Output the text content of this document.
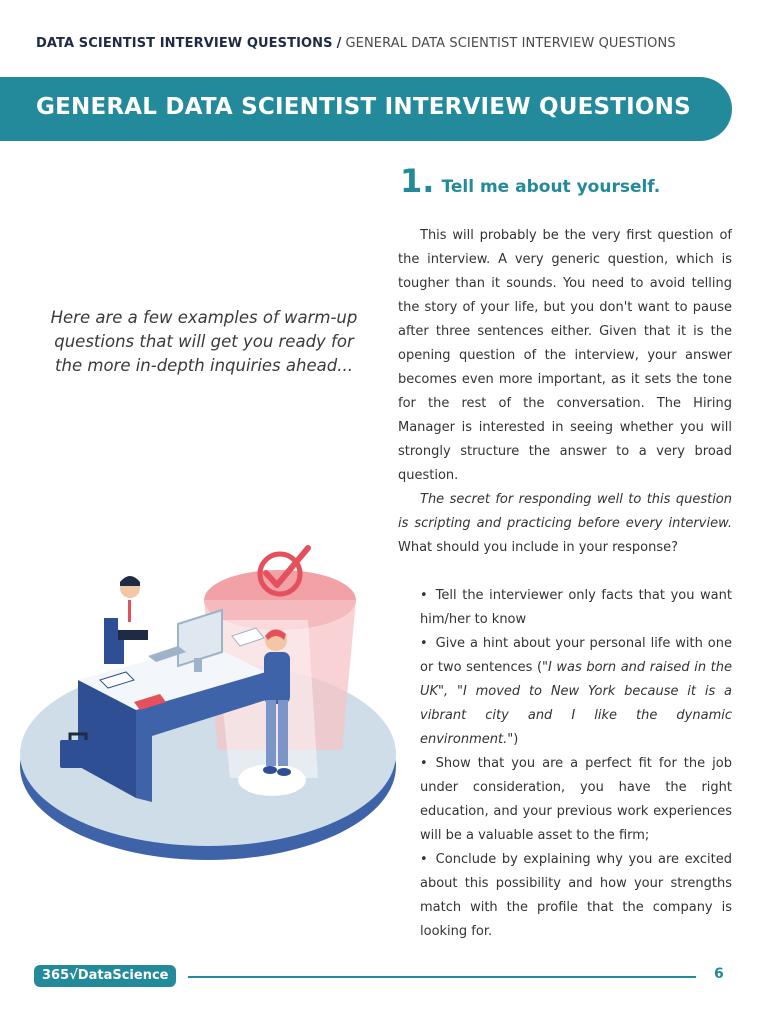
DATA SCIENTIST INTERVIEW QUESTIONS / GENERAL DATA SCIENTIST INTERVIEW QUESTIONS
GENERAL DATA SCIENTIST INTERVIEW QUESTIONS
Here are a few examples of warm-up questions that will get you ready for the more in-depth inquiries ahead...
1. Tell me about yourself.
This will probably be the very first question of the interview. A very generic question, which is tougher than it sounds. You need to avoid telling the story of your life, but you don't want to pause after three sentences either. Given that it is the opening question of the interview, your answer becomes even more important, as it sets the tone for the rest of the conversation. The Hiring Manager is interested in seeing whether you will strongly structure the answer to a very broad question.
The secret for responding well to this question is scripting and practicing before every interview. What should you include in your response?
• Tell the interviewer only facts that you want him/her to know
• Give a hint about your personal life with one or two sentences ("I was born and raised in the UK", "I moved to New York because it is a vibrant city and I like the dynamic environment.")
• Show that you are a perfect fit for the job under consideration, you have the right education, and your previous work experiences will be a valuable asset to the firm;
• Conclude by explaining why you are excited about this possibility and how your strengths match with the profile that the company is looking for.
365√DataScience	6
